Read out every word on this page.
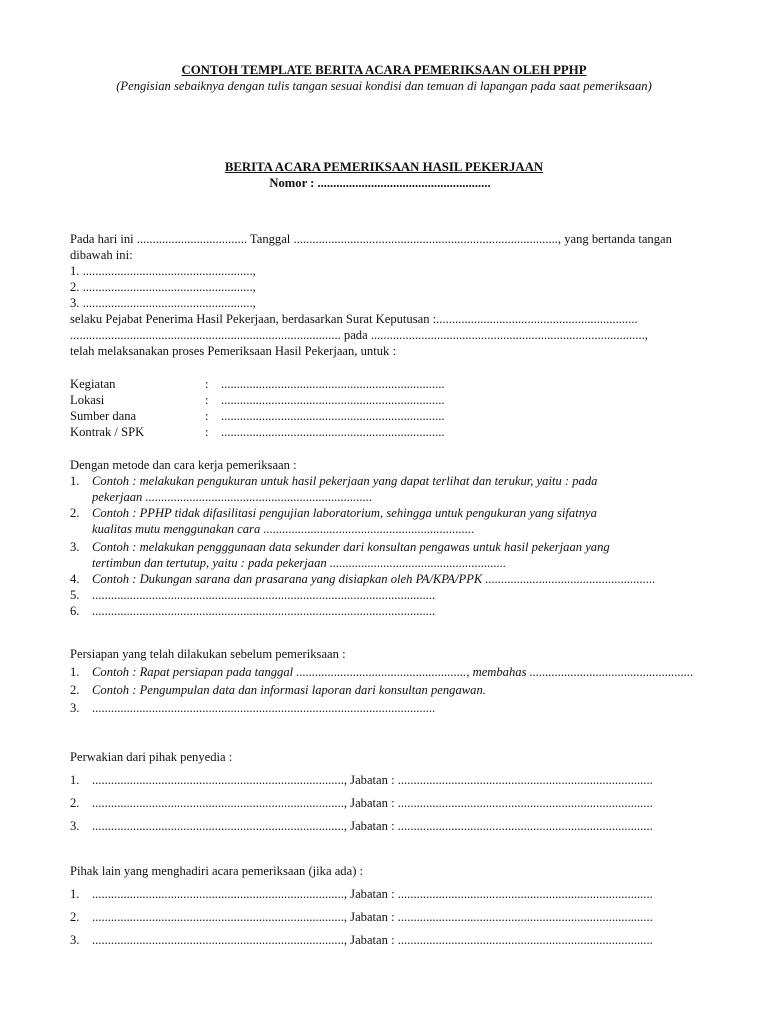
CONTOH TEMPLATE BERITA ACARA PEMERIKSAAN OLEH PPHP
(Pengisian sebaiknya dengan tulis tangan sesuai kondisi dan temuan di lapangan pada saat pemeriksaan)
BERITA ACARA PEMERIKSAAN HASIL PEKERJAAN
Nomor : .......................................................
Pada hari ini ................................... Tanggal ...................................................................................., yang bertanda tangan
dibawah ini:
1. ......................................................,
2. ......................................................,
3. ......................................................,
selaku Pejabat Penerima Hasil Pekerjaan, berdasarkan Surat Keputusan :................................................................
...................................................................................... pada .......................................................................................,
telah melaksanakan proses Pemeriksaan Hasil Pekerjaan, untuk :
Kegiatan	: .......................................................................
Lokasi	: .......................................................................
Sumber dana	: .......................................................................
Kontrak / SPK	: .......................................................................
Dengan metode dan cara kerja pemeriksaan :
1. Contoh : melakukan pengukuran untuk hasil pekerjaan yang dapat terlihat dan terukur, yaitu : pada
pekerjaan ........................................................................
2. Contoh : PPHP tidak difasilitasi pengujian laboratorium, sehingga untuk pengukuran yang sifatnya
kualitas mutu menggunakan cara ...................................................................
3. Contoh : melakukan pengggunaan data sekunder dari konsultan pengawas untuk hasil pekerjaan yang
tertimbun dan tertutup, yaitu : pada pekerjaan ........................................................
4. Contoh : Dukungan sarana dan prasarana yang disiapkan oleh PA/KPA/PPK ......................................................
5. .............................................................................................................
6. .............................................................................................................
Persiapan yang telah dilakukan sebelum pemeriksaan :
1. Contoh : Rapat persiapan pada tanggal ......................................................, membahas ....................................................
2. Contoh : Pengumpulan data dan informasi laporan dari konsultan pengawan.
3. .............................................................................................................
Perwakian dari pihak penyedia :
1. ................................................................................, Jabatan : .................................................................................
2. ................................................................................, Jabatan : .................................................................................
3. ................................................................................, Jabatan : .................................................................................
Pihak lain yang menghadiri acara pemeriksaan (jika ada) :
1. ................................................................................, Jabatan : .................................................................................
2. ................................................................................, Jabatan : .................................................................................
3. ................................................................................, Jabatan : .................................................................................
